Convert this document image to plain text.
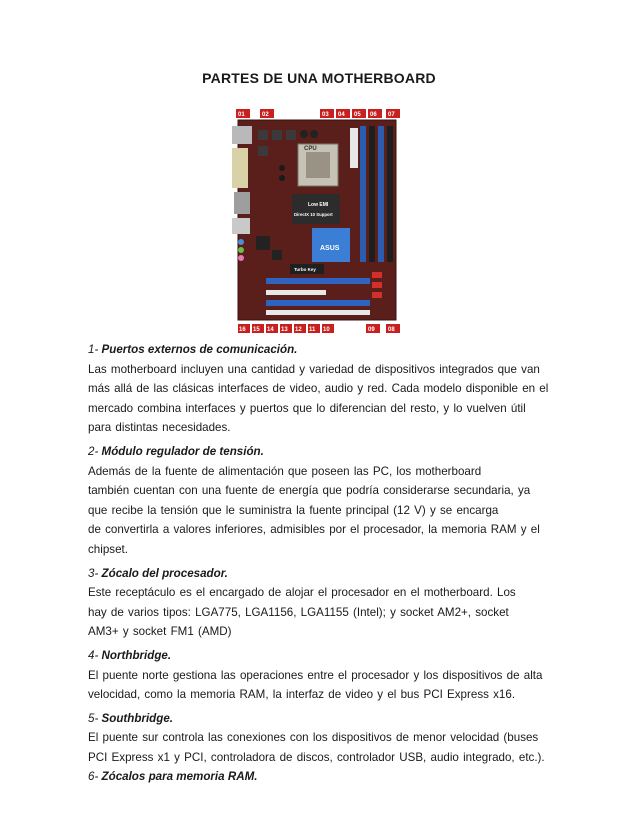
PARTES DE UNA MOTHERBOARD
CPU
Low EMI
DirectX 10 Support
ASUS
Turbo Key
01	02	03 04 05 06 07
16 15 14 13 12 11 10	09 08

1- Puertos externos de comunicación.

Las motherboard incluyen una cantidad y variedad de dispositivos integrados que van
más allá de las clásicas interfaces de video, audio y red. Cada modelo disponible en el
mercado combina interfaces y puertos que lo diferencian del resto, y lo vuelven útil
para distintas necesidades.

2- Módulo regulador de tensión.

Además de la fuente de alimentación que poseen las PC, los motherboard
también cuentan con una fuente de energía que podría considerarse secundaria, ya
que recibe la tensión que le suministra la fuente principal (12 V) y se encarga
de convertirla a valores inferiores, admisibles por el procesador, la memoria RAM y el
chipset.

3- Zócalo del procesador.

Este receptáculo es el encargado de alojar el procesador en el motherboard. Los
hay de varios tipos: LGA775, LGA1156, LGA1155 (Intel); y socket AM2+, socket
AM3+ y socket FM1 (AMD)

4- Northbridge.

El puente norte gestiona las operaciones entre el procesador y los dispositivos de alta
velocidad, como la memoria RAM, la interfaz de video y el bus PCI Express x16.

5- Southbridge.

El puente sur controla las conexiones con los dispositivos de menor velocidad (buses
PCI Express x1 y PCI, controladora de discos, controlador USB, audio integrado, etc.).

6- Zócalos para memoria RAM.
